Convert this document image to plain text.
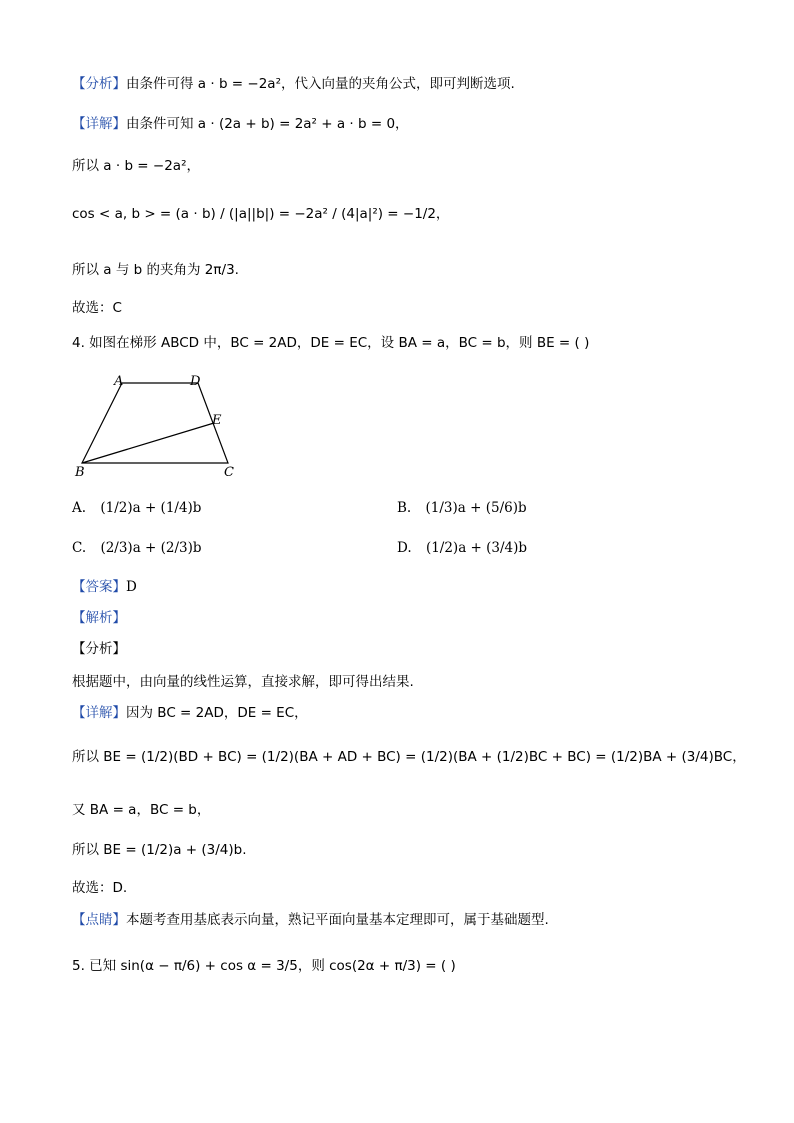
【分析】由条件可得 a · b = −2a²，代入向量的夹角公式，即可判断选项.
【详解】由条件可知 a · (2a + b) = 2a² + a · b = 0，
所以 a · b = −2a²，
cos < a, b > = (a · b) / (|a||b|) = −2a² / (4|a|²) = −1/2，
所以 a 与 b 的夹角为 2π/3.
故选：C
4. 如图在梯形 ABCD 中，BC = 2AD，DE = EC，设 BA = a，BC = b，则 BE = ( )
A	D
E
B	C
A. (1/2)a + (1/4)b	B. (1/3)a + (5/6)b
C. (2/3)a + (2/3)b	D. (1/2)a + (3/4)b
【答案】D
【解析】
【分析】
根据题中，由向量的线性运算，直接求解，即可得出结果.
【详解】因为 BC = 2AD，DE = EC，
所以 BE = (1/2)(BD + BC) = (1/2)(BA + AD + BC) = (1/2)(BA + (1/2)BC + BC) = (1/2)BA + (3/4)BC，
又 BA = a，BC = b，
所以 BE = (1/2)a + (3/4)b.
故选：D.
【点睛】本题考查用基底表示向量，熟记平面向量基本定理即可，属于基础题型.
5. 已知 sin(α − π/6) + cos α = 3/5，则 cos(2α + π/3) = ( )
